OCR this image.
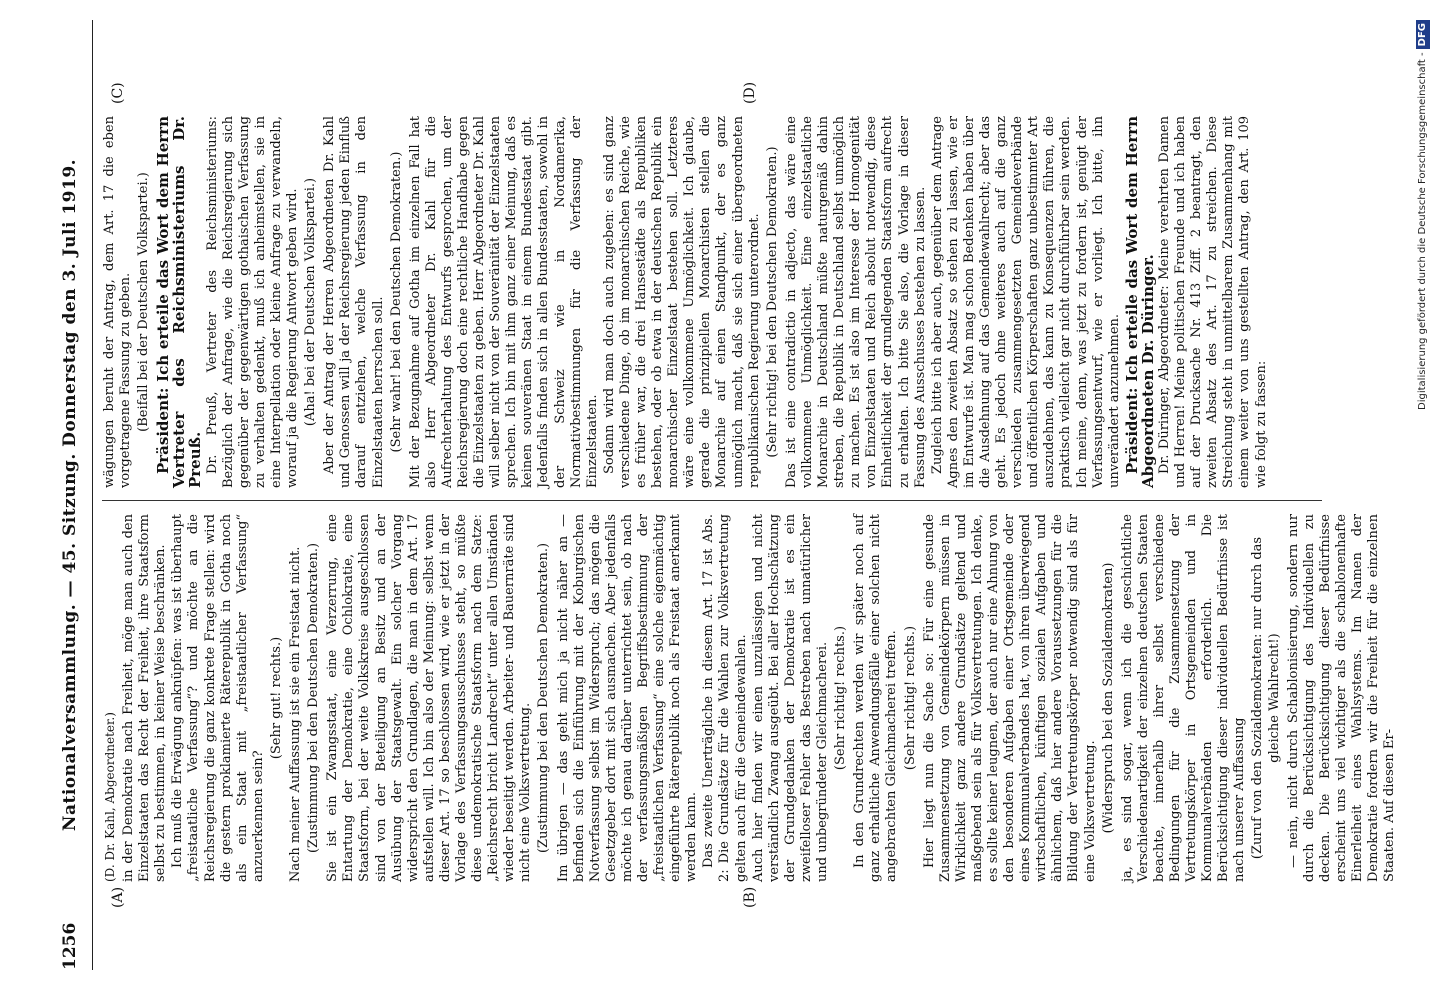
1256
Nationalversammlung. — 45. Sitzung. Donnerstag den 3. Juli 1919.
(A)	(B)
(C)	(D)

(D. Dr. Kahl, Abgeordneter.) in der Demokratie nach Freiheit, möge man auch den Einzelstaaten das Recht der Freiheit, ihre Staatsform selbst zu bestimmen, in keiner Weise beschränken. Ich muß die Erwägung anknüpfen: was ist überhaupt „freistaatliche Verfassung“? und möchte an die Reichsregierung die ganz konkrete Frage stellen: wird die gestern proklamierte Räterepublik in Gotha noch als ein Staat mit „freistaatlicher Verfassung“ anzuerkennen sein?

(Sehr gut! rechts.) Nach meiner Auffassung ist sie ein Freistaat nicht. (Zustimmung bei den Deutschen Demokraten.) Sie ist ein Zwangsstaat, eine Verzerrung, eine Entartung der Demokratie, eine Ochlokratie, eine Staatsform, bei der weite Volkskreise ausgeschlossen sind von der Beteiligung an Besitz und an der Ausübung der Staatsgewalt. Ein solcher Vorgang widerspricht den Grundlagen, die man in dem Art. 17 aufstellen will. Ich bin also der Meinung: selbst wenn dieser Art. 17 so beschlossen wird, wie er jetzt in der Vorlage des Verfassungsausschusses steht, so müßte diese undemokratische Staatsform nach dem Satze: „Reichsrecht bricht Landrecht“ unter allen Umständen wieder beseitigt werden. Arbeiter- und Bauernräte sind nicht eine Volksvertretung. (Zustimmung bei den Deutschen Demokraten.) Im übrigen — das geht mich ja nicht näher an — befinden sich die Einführung mit der Koburgischen Notverfassung selbst im Widerspruch; das mögen die Gesetzgeber dort mit sich ausmachen. Aber jedenfalls möchte ich genau darüber unterrichtet sein, ob nach der verfassungsmäßigen Begriffsbestimmung der „freistaatlichen Verfassung“ eine solche eigenmächtig eingeführte Räterepublik noch als Freistaat anerkannt werden kann. Das zweite Unerträgliche in diesem Art. 17 ist Abs. 2: Die Grundsätze für die Wahlen zur Volksvertretung gelten auch für die Gemeindewahlen. Auch hier finden wir einen unzulässigen und nicht verständlich Zwang ausgeübt. Bei aller Hochschätzung der Grundgedanken der Demokratie ist es ein zweifelloser Fehler das Bestreben nach unnatürlicher und unbegründeter Gleichmacherei. (Sehr richtig! rechts.) In den Grundrechten werden wir später noch auf ganz erhaltliche Anwendungsfälle einer solchen nicht angebrachten Gleichmacherei treffen. (Sehr richtig! rechts.) Hier liegt nun die Sache so: Für eine gesunde Zusammensetzung von Gemeindekörpern müssen in Wirklichkeit ganz andere Grundsätze geltend und maßgebend sein als für Volksvertretungen. Ich denke, es sollte keiner leugnen, der auch nur eine Ahnung von den besonderen Aufgaben einer Ortsgemeinde oder eines Kommunalverbandes hat, von ihren überwiegend wirtschaftlichen, künftigen sozialen Aufgaben und ähnlichem, daß hier andere Voraussetzungen für die Bildung der Vertretungskörper notwendig sind als für eine Volksvertretung. (Widerspruch bei den Sozialdemokraten) ja, es sind sogar, wenn ich die geschichtliche Verschiedenartigkeit der einzelnen deutschen Staaten beachte, innerhalb ihrer selbst verschiedene Bedingungen für die Zusammensetzung der Vertretungskörper in Ortsgemeinden und in Kommunalverbänden erforderlich. Die Berücksichtigung dieser individuellen Bedürfnisse ist nach unserer Auffassung (Zuruf von den Sozialdemokraten: nur durch das gleiche Wahlrecht!) — nein, nicht durch Schablonisierung, sondern nur durch die Berücksichtigung des Individuellen zu decken. Die Berücksichtigung dieser Bedürfnisse erscheint uns viel wichtiger als die schablonenhafte Einerleiheit eines Wahlsystems. Im Namen der Demokratie fordern wir die Freiheit für die einzelnen Staaten. Auf diesen Er-

wägungen beruht der Antrag, dem Art. 17 die eben vorgetragene Fassung zu geben. (Beifall bei der Deutschen Volkspartei.) Präsident: Ich erteile das Wort dem Herrn Vertreter des Reichsministeriums Dr. Preuß. Dr. Preuß, Vertreter des Reichsministeriums: Bezüglich der Anfrage, wie die Reichsregierung sich gegenüber der gegenwärtigen gothaischen Verfassung zu verhalten gedenkt, muß ich anheimstellen, sie in eine Interpellation oder kleine Anfrage zu verwandeln, worauf ja die Regierung Antwort geben wird. (Aha! bei der Deutschen Volkspartei.) Aber der Antrag der Herren Abgeordneten Dr. Kahl und Genossen will ja der Reichsregierung jeden Einfluß darauf entziehen, welche Verfassung in den Einzelstaaten herrschen soll. (Sehr wahr! bei den Deutschen Demokraten.) Mit der Bezugnahme auf Gotha im einzelnen Fall hat also Herr Abgeordneter Dr. Kahl für die Aufrechterhaltung des Entwurfs gesprochen, um der Reichsregierung doch eine rechtliche Handhabe gegen die Einzelstaaten zu geben. Herr Abgeordneter Dr. Kahl will selber nicht von der Souveränität der Einzelstaaten sprechen. Ich bin mit ihm ganz einer Meinung, daß es keinen souveränen Staat in einem Bundesstaat gibt. Jedenfalls finden sich in allen Bundesstaaten, sowohl in der Schweiz wie in Nordamerika, Normativbestimmungen für die Verfassung der Einzelstaaten. Sodann wird man doch auch zugeben: es sind ganz verschiedene Dinge, ob im monarchischen Reiche, wie es früher war, die drei Hansestädte als Republiken bestehen, oder ob etwa in der deutschen Republik ein monarchischer Einzelstaat bestehen soll. Letzteres wäre eine vollkommene Unmöglichkeit. Ich glaube, gerade die prinzipiellen Monarchisten stellen die Monarchie auf einen Standpunkt, der es ganz unmöglich macht, daß sie sich einer übergeordneten republikanischen Regierung unterordnet. (Sehr richtig! bei den Deutschen Demokraten.) Das ist eine contradictio in adjecto, das wäre eine vollkommene Unmöglichkeit. Eine einzelstaatliche Monarchie in Deutschland müßte naturgemäß dahin streben, die Republik in Deutschland selbst unmöglich zu machen. Es ist also im Interesse der Homogenität von Einzelstaaten und Reich absolut notwendig, diese Einheitlichkeit der grundlegenden Staatsform aufrecht zu erhalten. Ich bitte Sie also, die Vorlage in dieser Fassung des Ausschusses bestehen zu lassen. Zugleich bitte ich aber auch, gegenüber dem Antrage Agnes den zweiten Absatz so stehen zu lassen, wie er im Entwurfe ist. Man mag schon Bedenken haben über die Ausdehnung auf das Gemeindewahlrecht; aber das geht. Es jedoch ohne weiteres auch auf die ganz verschieden zusammengesetzten Gemeindeverbände und öffentlichen Körperschaften ganz unbestimmter Art auszudehnen, das kann zu Konsequenzen führen, die praktisch vielleicht gar nicht durchführbar sein werden. Ich meine, denn, was jetzt zu fordern ist, genügt der Verfassungsentwurf, wie er vorliegt. Ich bitte, ihn unverändert anzunehmen. Präsident: Ich erteile das Wort dem Herrn Abgeordneten Dr. Düringer. Dr. Düringer, Abgeordneter: Meine verehrten Damen und Herren! Meine politischen Freunde und ich haben auf der Drucksache Nr. 413 Ziff. 2 beantragt, den zweiten Absatz des Art. 17 zu streichen. Diese Streichung steht in unmittelbarem Zusammenhang mit einem weiter von uns gestellten Antrag, den Art. 109 wie folgt zu fassen:

Digitalisierung gefördert durch die Deutsche Forschungsgemeinschaft -DFG
